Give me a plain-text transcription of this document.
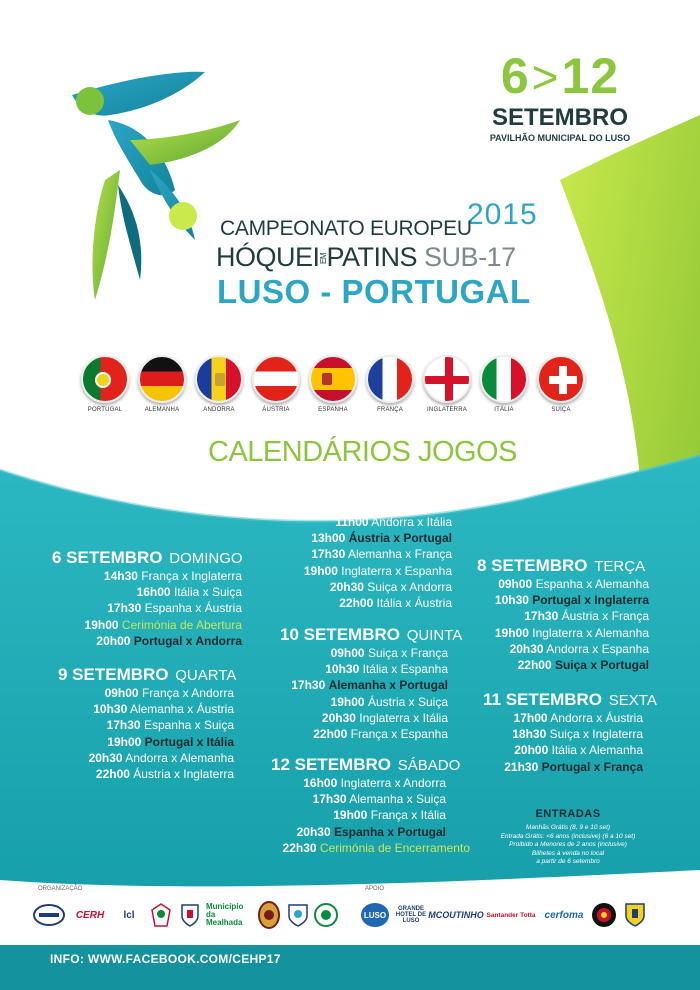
6>12
SETEMBRO
PAVILHÃO MUNICIPAL DO LUSO
2015
CAMPEONATO EUROPEU
HÓQUEIEMPATINS SUB-17
LUSO - PORTUGAL
PORTUGAL	ALEMANHA	ANDORRA	ÁUSTRIA	ESPANHA	FRANÇA	INGLATERRA	ITÁLIA	SUIÇA
CALENDÁRIOS JOGOS
6 SETEMBRO DOMINGO
14h30 França x Inglaterra
16h00 Itália x Suiça
17h30 Espanha x Áustria
19h00 Cerimónia de Abertura
20h00 Portugal x Andorra
9 SETEMBRO QUARTA
09h00 França x Andorra
10h30 Alemanha x Áustria
17h30 Espanha x Suiça
19h00 Portugal x Itália
20h30 Andorra x Alemanha
22h00 Áustria x Inglaterra
7 SETEMBRO SEGUNDA
11h00 Andorra x Itália
13h00 Áustria x Portugal
17h30 Alemanha x França
19h00 Inglaterra x Espanha
20h30 Suiça x Andorra
22h00 Itália x Áustria
10 SETEMBRO QUINTA
09h00 Suiça x França
10h30 Itália x Espanha
17h30 Alemanha x Portugal
19h00 Áustria x Suiça
20h30 Inglaterra x Itália
22h00 França x Espanha
12 SETEMBRO SÁBADO
16h00 Inglaterra x Andorra
17h30 Alemanha x Suiça
19h00 França x Itália
20h30 Espanha x Portugal
22h30 Cerimónia de Encerramento
8 SETEMBRO TERÇA
09h00 Espanha x Alemanha
10h30 Portugal x Inglaterra
17h30 Áustria x França
19h00 Inglaterra x Alemanha
20h30 Andorra x Espanha
22h00 Suiça x Portugal
11 SETEMBRO SEXTA
17h00 Andorra x Áustria
18h30 Suiça x Inglaterra
20h00 Itália x Alemanha
21h30 Portugal x França
ENTRADAS
Manhãs Grátis (8, 9 e 10 set)
Entrada Grátis: <6 anos (inclusive) (6 a 10 set)
Proibido a Menores de 2 anos (inclusive)
Bilhetes à venda no local
a partir de 6 setembro
ORGANIZAÇÃO	APOIO
CERH lcl
Município da Mealhada
LUSO
GRANDE HOTEL DE LUSO
MCOUTINHO Santander Totta cerfoma
INFO: WWW.FACEBOOK.COM/CEHP17
